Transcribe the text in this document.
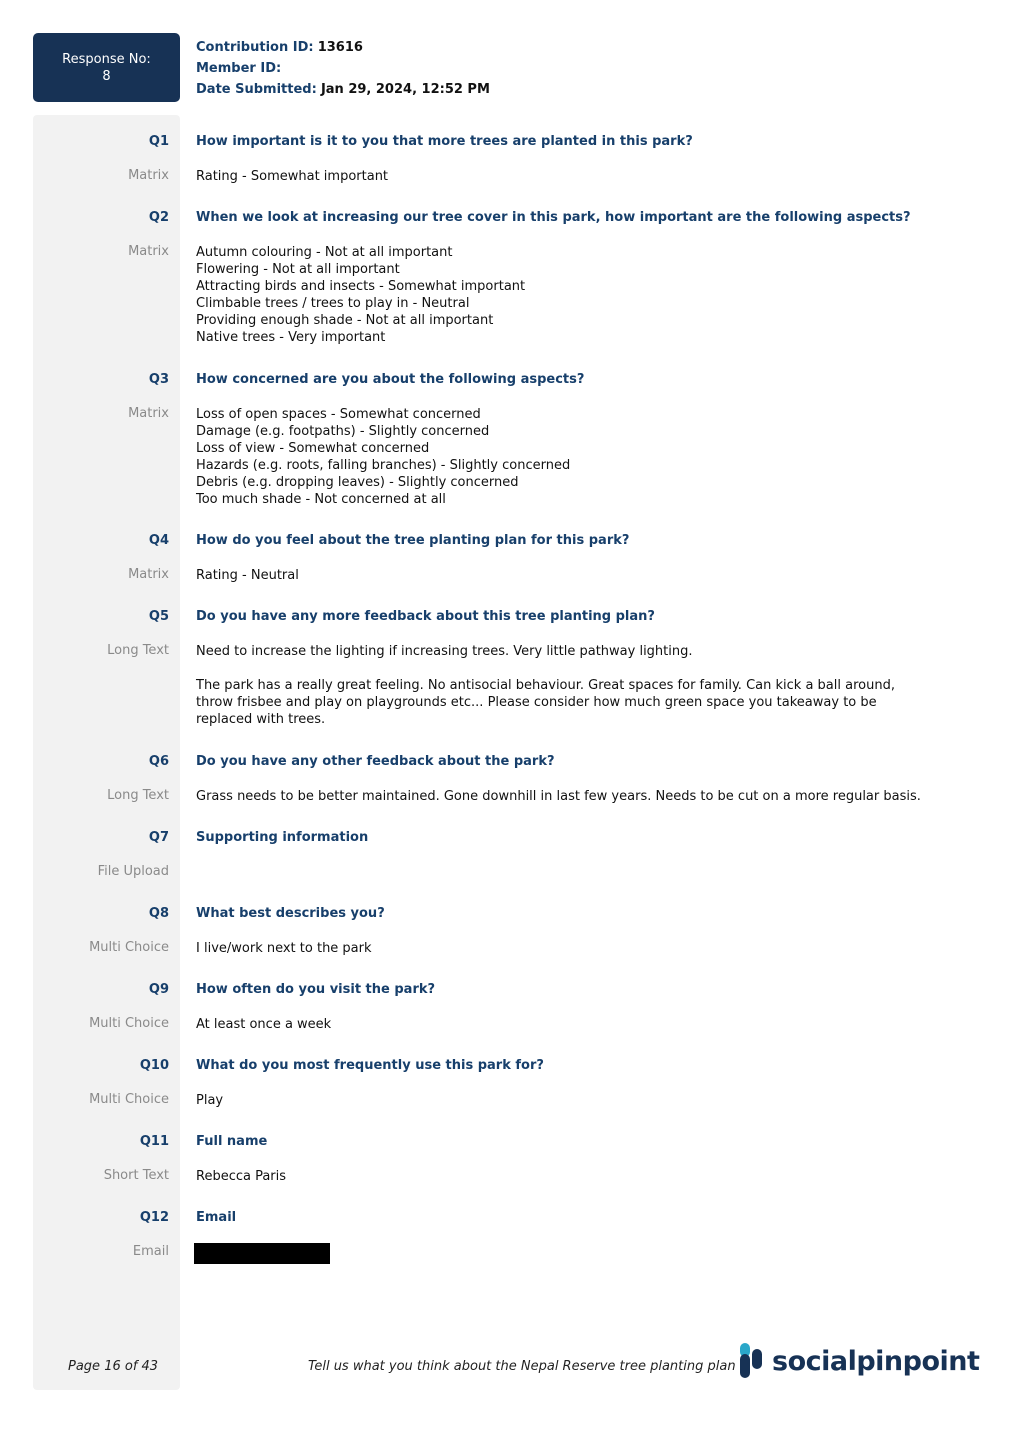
Response No:
8
Contribution ID: 13616
Member ID:
Date Submitted: Jan 29, 2024, 12:52 PM
Q1 How important is it to you that more trees are planted in this park?
Matrix Rating - Somewhat important
Q2 When we look at increasing our tree cover in this park, how important are the following aspects?
Matrix Autumn colouring - Not at all important
Flowering - Not at all important
Attracting birds and insects - Somewhat important
Climbable trees / trees to play in - Neutral
Providing enough shade - Not at all important
Native trees - Very important
Q3 How concerned are you about the following aspects?
Matrix Loss of open spaces - Somewhat concerned
Damage (e.g. footpaths) - Slightly concerned
Loss of view - Somewhat concerned
Hazards (e.g. roots, falling branches) - Slightly concerned
Debris (e.g. dropping leaves) - Slightly concerned
Too much shade - Not concerned at all
Q4 How do you feel about the tree planting plan for this park?
Matrix Rating - Neutral
Q5 Do you have any more feedback about this tree planting plan?
Long Text Need to increase the lighting if increasing trees. Very little pathway lighting.

The park has a really great feeling. No antisocial behaviour. Great spaces for family. Can kick a ball around, throw frisbee and play on playgrounds etc... Please consider how much green space you takeaway to be replaced with trees.

Q6 Do you have any other feedback about the park?
Long Text Grass needs to be better maintained. Gone downhill in last few years. Needs to be cut on a more regular basis.
Q7 Supporting information
File Upload
Q8 What best describes you?
Multi Choice I live/work next to the park
Q9 How often do you visit the park?
Multi Choice At least once a week
Q10 What do you most frequently use this park for?
Multi Choice Play
Q11 Full name
Short Text Rebecca Paris
Q12 Email
Email
Page 16 of 43	Tell us what you think about the Nepal Reserve tree planting plan socialpinpoint
